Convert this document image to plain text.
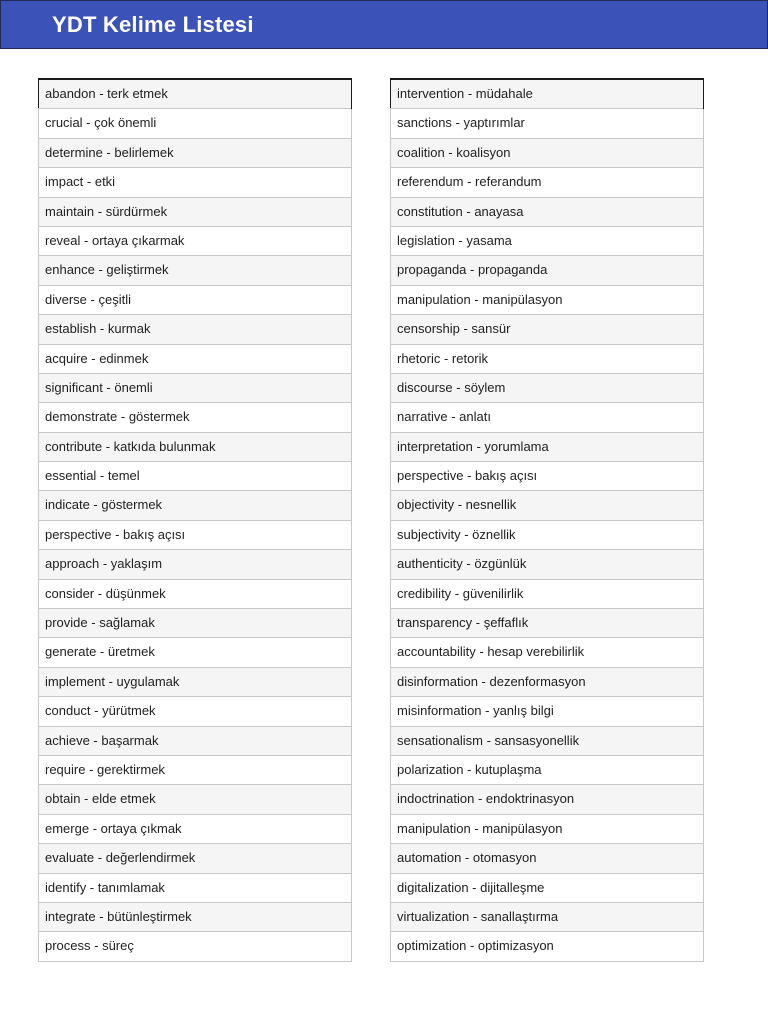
YDT Kelime Listesi
abandon - terk etmek
crucial - çok önemli
determine - belirlemek
impact - etki
maintain - sürdürmek
reveal - ortaya çıkarmak
enhance - geliştirmek
diverse - çeşitli
establish - kurmak
acquire - edinmek
significant - önemli
demonstrate - göstermek
contribute - katkıda bulunmak
essential - temel
indicate - göstermek
perspective - bakış açısı
approach - yaklaşım
consider - düşünmek
provide - sağlamak
generate - üretmek
implement - uygulamak
conduct - yürütmek
achieve - başarmak
require - gerektirmek
obtain - elde etmek
emerge - ortaya çıkmak
evaluate - değerlendirmek
identify - tanımlamak
integrate - bütünleştirmek
process - süreç
intervention - müdahale
sanctions - yaptırımlar
coalition - koalisyon
referendum - referandum
constitution - anayasa
legislation - yasama
propaganda - propaganda
manipulation - manipülasyon
censorship - sansür
rhetoric - retorik
discourse - söylem
narrative - anlatı
interpretation - yorumlama
perspective - bakış açısı
objectivity - nesnellik
subjectivity - öznellik
authenticity - özgünlük
credibility - güvenilirlik
transparency - şeffaflık
accountability - hesap verebilirlik
disinformation - dezenformasyon
misinformation - yanlış bilgi
sensationalism - sansasyonellik
polarization - kutuplaşma
indoctrination - endoktrinasyon
manipulation - manipülasyon
automation - otomasyon
digitalization - dijitalleşme
virtualization - sanallaştırma
optimization - optimizasyon
